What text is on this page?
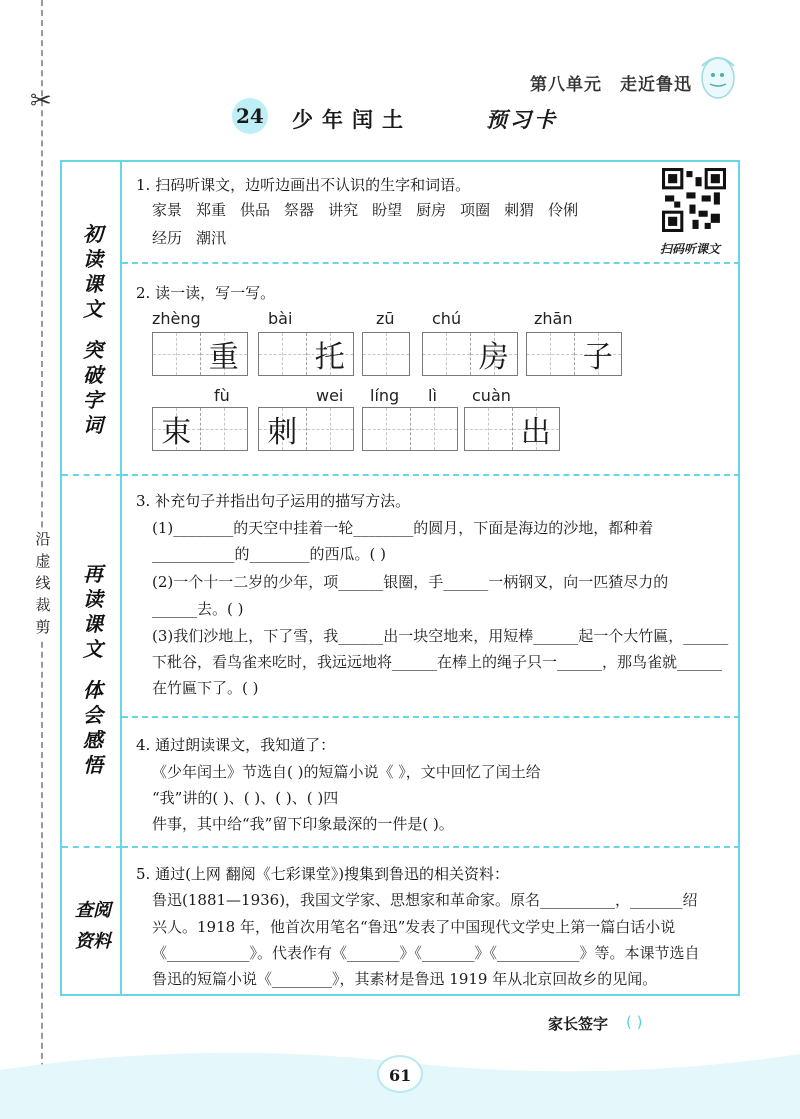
✂
沿
虚
线
裁
剪
第八单元 走近鲁迅
24 少年闰土	预习卡
初
读
课
文
突
破
字
词
再
读
课
文
体
会
感
悟
查阅
资料
1. 扫码听课文，边听边画出不认识的生字和词语。
家景 郑重 供品 祭器 讲究 盼望 厨房 项圈 刺猬 伶俐
经历 潮汛
扫码听课文
2. 读一读，写一写。
zhèng
重
bài
托
zū chú
房
zhān
子
fù
束
wei
刺
líng lì cuàn
出
3. 补充句子并指出句子运用的描写方法。
(1)________的天空中挂着一轮________的圆月，下面是海边的沙地，都种着
___________的________的西瓜。( )
(2)一个十一二岁的少年，项______银圈，手______一柄钢叉，向一匹猹尽力的
______去。( )
(3)我们沙地上，下了雪，我______出一块空地来，用短棒______起一个大竹匾，______
下秕谷，看鸟雀来吃时，我远远地将______在棒上的绳子只一______，那鸟雀就______
在竹匾下了。( )
4. 通过朗读课文，我知道了：
《少年闰土》节选自( )的短篇小说《 》，文中回忆了闰土给
“我”讲的( )、( )、( )、( )四
件事，其中给“我”留下印象最深的一件是( )。
5. 通过(上网 翻阅《七彩课堂》)搜集到鲁迅的相关资料：
鲁迅(1881—1936)，我国文学家、思想家和革命家。原名__________，_______绍
兴人。1918 年，他首次用笔名“鲁迅”发表了中国现代文学史上第一篇白话小说
《___________》。代表作有《_______》《_______》《___________》等。本课节选自
鲁迅的短篇小说《________》，其素材是鲁迅 1919 年从北京回故乡的见闻。
家长签字 ( )
61
